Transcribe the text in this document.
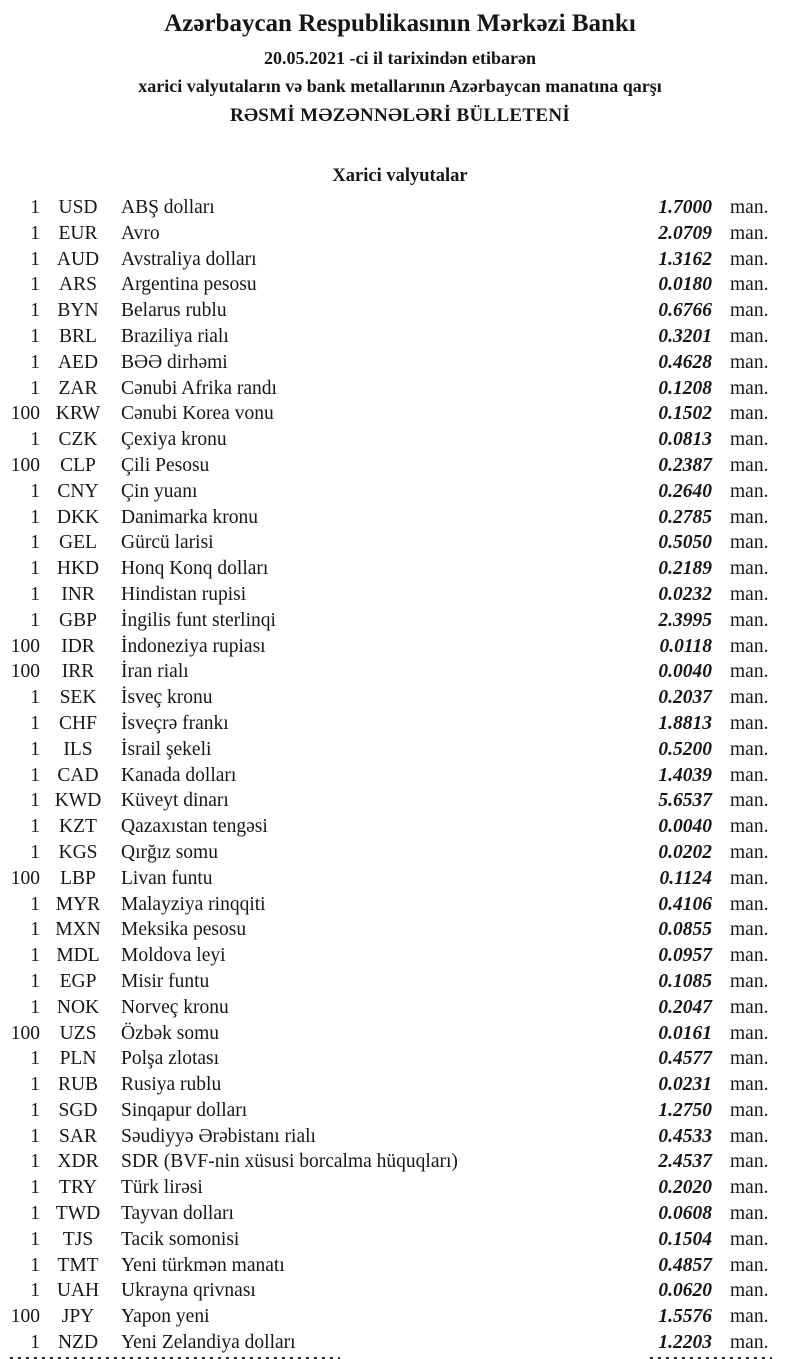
Azərbaycan Respublikasının Mərkəzi Bankı
20.05.2021 -ci il tarixindən etibarən
xarici valyutaların və bank metallarının Azərbaycan manatına qarşı
RƏSMİ MƏZƏNNƏLƏRİ BÜLLETENİ
Xarici valyutalar
1 USD	ABŞ dolları	1.7000 man.
1 EUR	Avro	2.0709 man.
1 AUD	Avstraliya dolları	1.3162 man.
1 ARS	Argentina pesosu	0.0180 man.
1 BYN	Belarus rublu	0.6766 man.
1 BRL	Braziliya rialı	0.3201 man.
1 AED	BƏƏ dirhəmi	0.4628 man.
1 ZAR	Cənubi Afrika randı	0.1208 man.
100 KRW	Cənubi Korea vonu	0.1502 man.
1 CZK	Çexiya kronu	0.0813 man.
100	CLP	Çili Pesosu	0.2387 man.
1 CNY	Çin yuanı	0.2640 man.
1 DKK	Danimarka kronu	0.2785 man.
1 GEL	Gürcü larisi	0.5050 man.
1 HKD	Honq Konq dolları	0.2189 man.
1	INR	Hindistan rupisi	0.0232 man.
1 GBP	İngilis funt sterlinqi	2.3995 man.
100	IDR	İndoneziya rupiası	0.0118 man.
100	IRR	İran rialı	0.0040 man.
1	SEK	İsveç kronu	0.2037 man.
1 CHF	İsveçrə frankı	1.8813 man.
1	ILS	İsrail şekeli	0.5200 man.
1 CAD	Kanada dolları	1.4039 man.
1 KWD	Küveyt dinarı	5.6537 man.
1 KZT	Qazaxıstan tengəsi	0.0040 man.
1 KGS	Qırğız somu	0.0202 man.
100	LBP	Livan funtu	0.1124 man.
1 MYR	Malayziya rinqqiti	0.4106 man.
1 MXN	Meksika pesosu	0.0855 man.
1 MDL	Moldova leyi	0.0957 man.
1	EGP	Misir funtu	0.1085 man.
1 NOK	Norveç kronu	0.2047 man.
100	UZS	Özbək somu	0.0161 man.
1	PLN	Polşa zlotası	0.4577 man.
1 RUB	Rusiya rublu	0.0231 man.
1 SGD	Sinqapur dolları	1.2750 man.
1 SAR	Səudiyyə Ərəbistanı rialı	0.4533 man.
1 XDR	SDR (BVF-nin xüsusi borcalma hüquqları)	2.4537 man.
1 TRY	Türk lirəsi	0.2020 man.
1 TWD	Tayvan dolları	0.0608 man.
1	TJS	Tacik somonisi	0.1504 man.
1 TMT	Yeni türkmən manatı	0.4857 man.
1 UAH	Ukrayna qrivnası	0.0620 man.
100	JPY	Yapon yeni	1.5576 man.
1 NZD	Yeni Zelandiya dolları	1.2203 man.
